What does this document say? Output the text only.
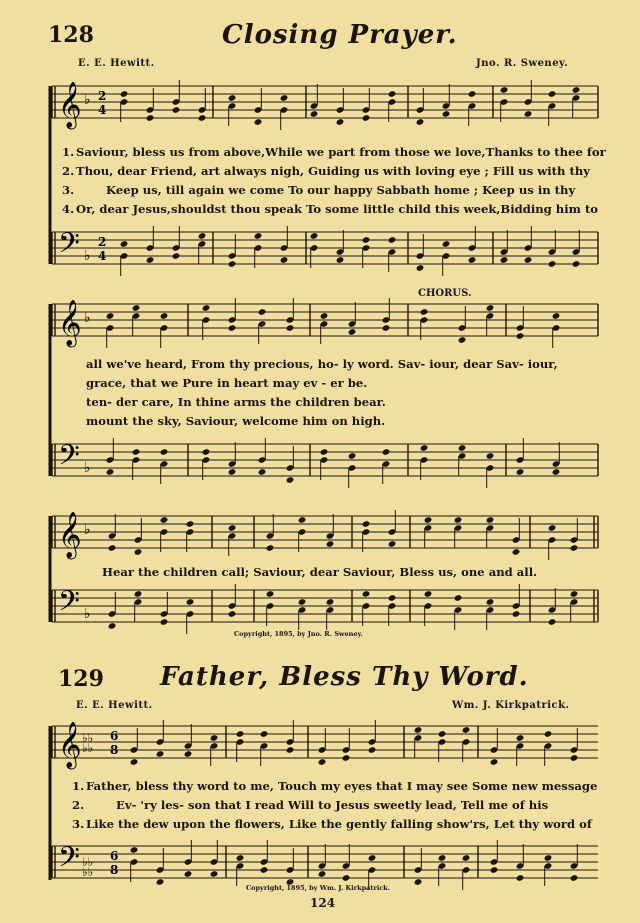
128	Closing Prayer.
E. E. Hewitt.	Jno. R. Sweney.
𝄞 ♭ 2
4
1. Saviour, bless us from above,While we part from those we love,Thanks to thee for
2. Thou, dear Friend, art always nigh, Guiding us with loving eye ; Fill us with thy
3.	Keep us, till again we come To our happy Sabbath home ; Keep us in thy
4. Or, dear Jesus,shouldst thou speak To some little child this week,Bidding him to
𝄢 ♭
2
4
CHORUS.
𝄞 ♭
all we've heard, From thy precious, ho- ly word. Sav- iour, dear Sav- iour,
grace, that we Pure in heart may ev - er be.
ten- der care, In thine arms the children bear.
mount the sky, Saviour, welcome him on high.
𝄢 ♭
𝄞 ♭
Hear the children call; Saviour, dear Saviour, Bless us, one and all.
𝄢 ♭
Copyright, 1895, by Jno. R. Sweney.
129 Father, Bless Thy Word.
E. E. Hewitt.	Wm. J. Kirkpatrick.
𝄞 ♭♭
♭♭
6
8
1. Father, bless thy word to me, Touch my eyes that I may see Some new message
2.	Ev- 'ry les- son that I read Will to Jesus sweetly lead, Tell me of his
3. Like the dew upon the flowers, Like the gently falling show'rs, Let thy word of
𝄢 ♭♭
♭♭
6
8
Copyright, 1895, by Wm. J. Kirkpatrick.
124
